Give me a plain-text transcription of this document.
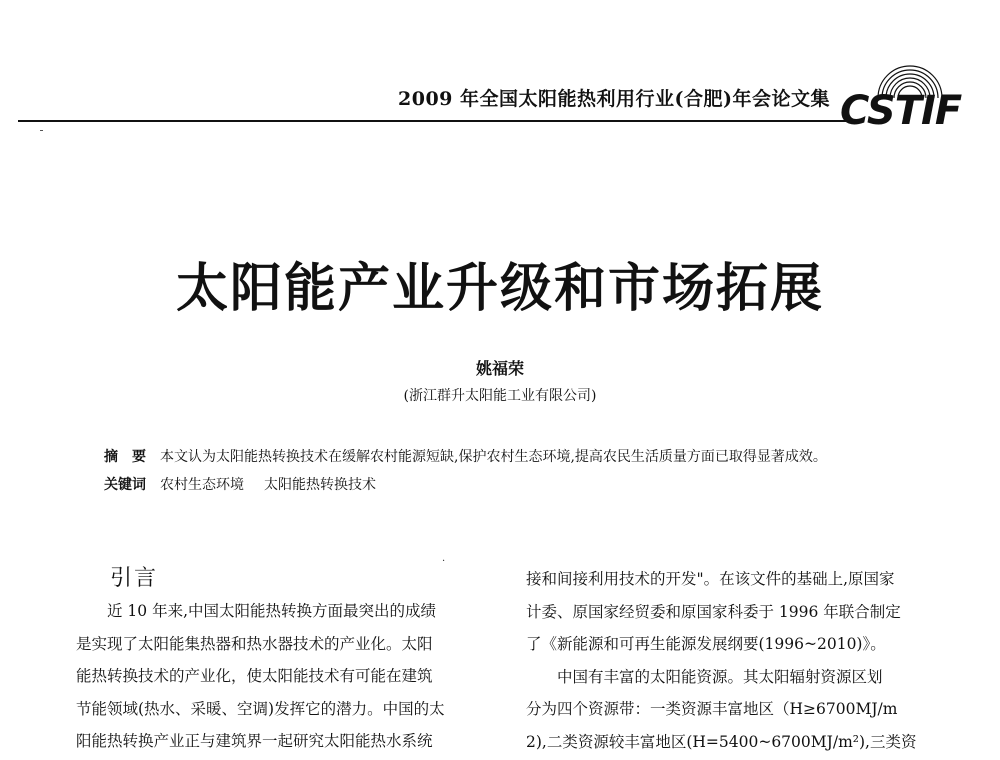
2009 年全国太阳能热利用行业(合肥)年会论文集 CSTIF
太阳能产业升级和市场拓展
姚福荣
(浙江群升太阳能工业有限公司)
摘　要 本文认为太阳能热转换技术在缓解农村能源短缺,保护农村生态环境,提高农民生活质量方面已取得显著成效。
关键词 农村生态环境 太阳能热转换技术
·
引言
近 10 年来,中国太阳能热转换方面最突出的成绩
是实现了太阳能集热器和热水器技术的产业化。太阳
能热转换技术的产业化，使太阳能技术有可能在建筑
节能领域(热水、采暖、空调)发挥它的潜力。中国的太
阳能热转换产业正与建筑界一起研究太阳能热水系统
接和间接利用技术的开发"。在该文件的基础上,原国家
计委、原国家经贸委和原国家科委于 1996 年联合制定
了《新能源和可再生能源发展纲要(1996~2010)》。
中国有丰富的太阳能资源。其太阳辐射资源区划
分为四个资源带：一类资源丰富地区（H≥6700MJ/m
2),二类资源较丰富地区(H=5400~6700MJ/m²),三类资
